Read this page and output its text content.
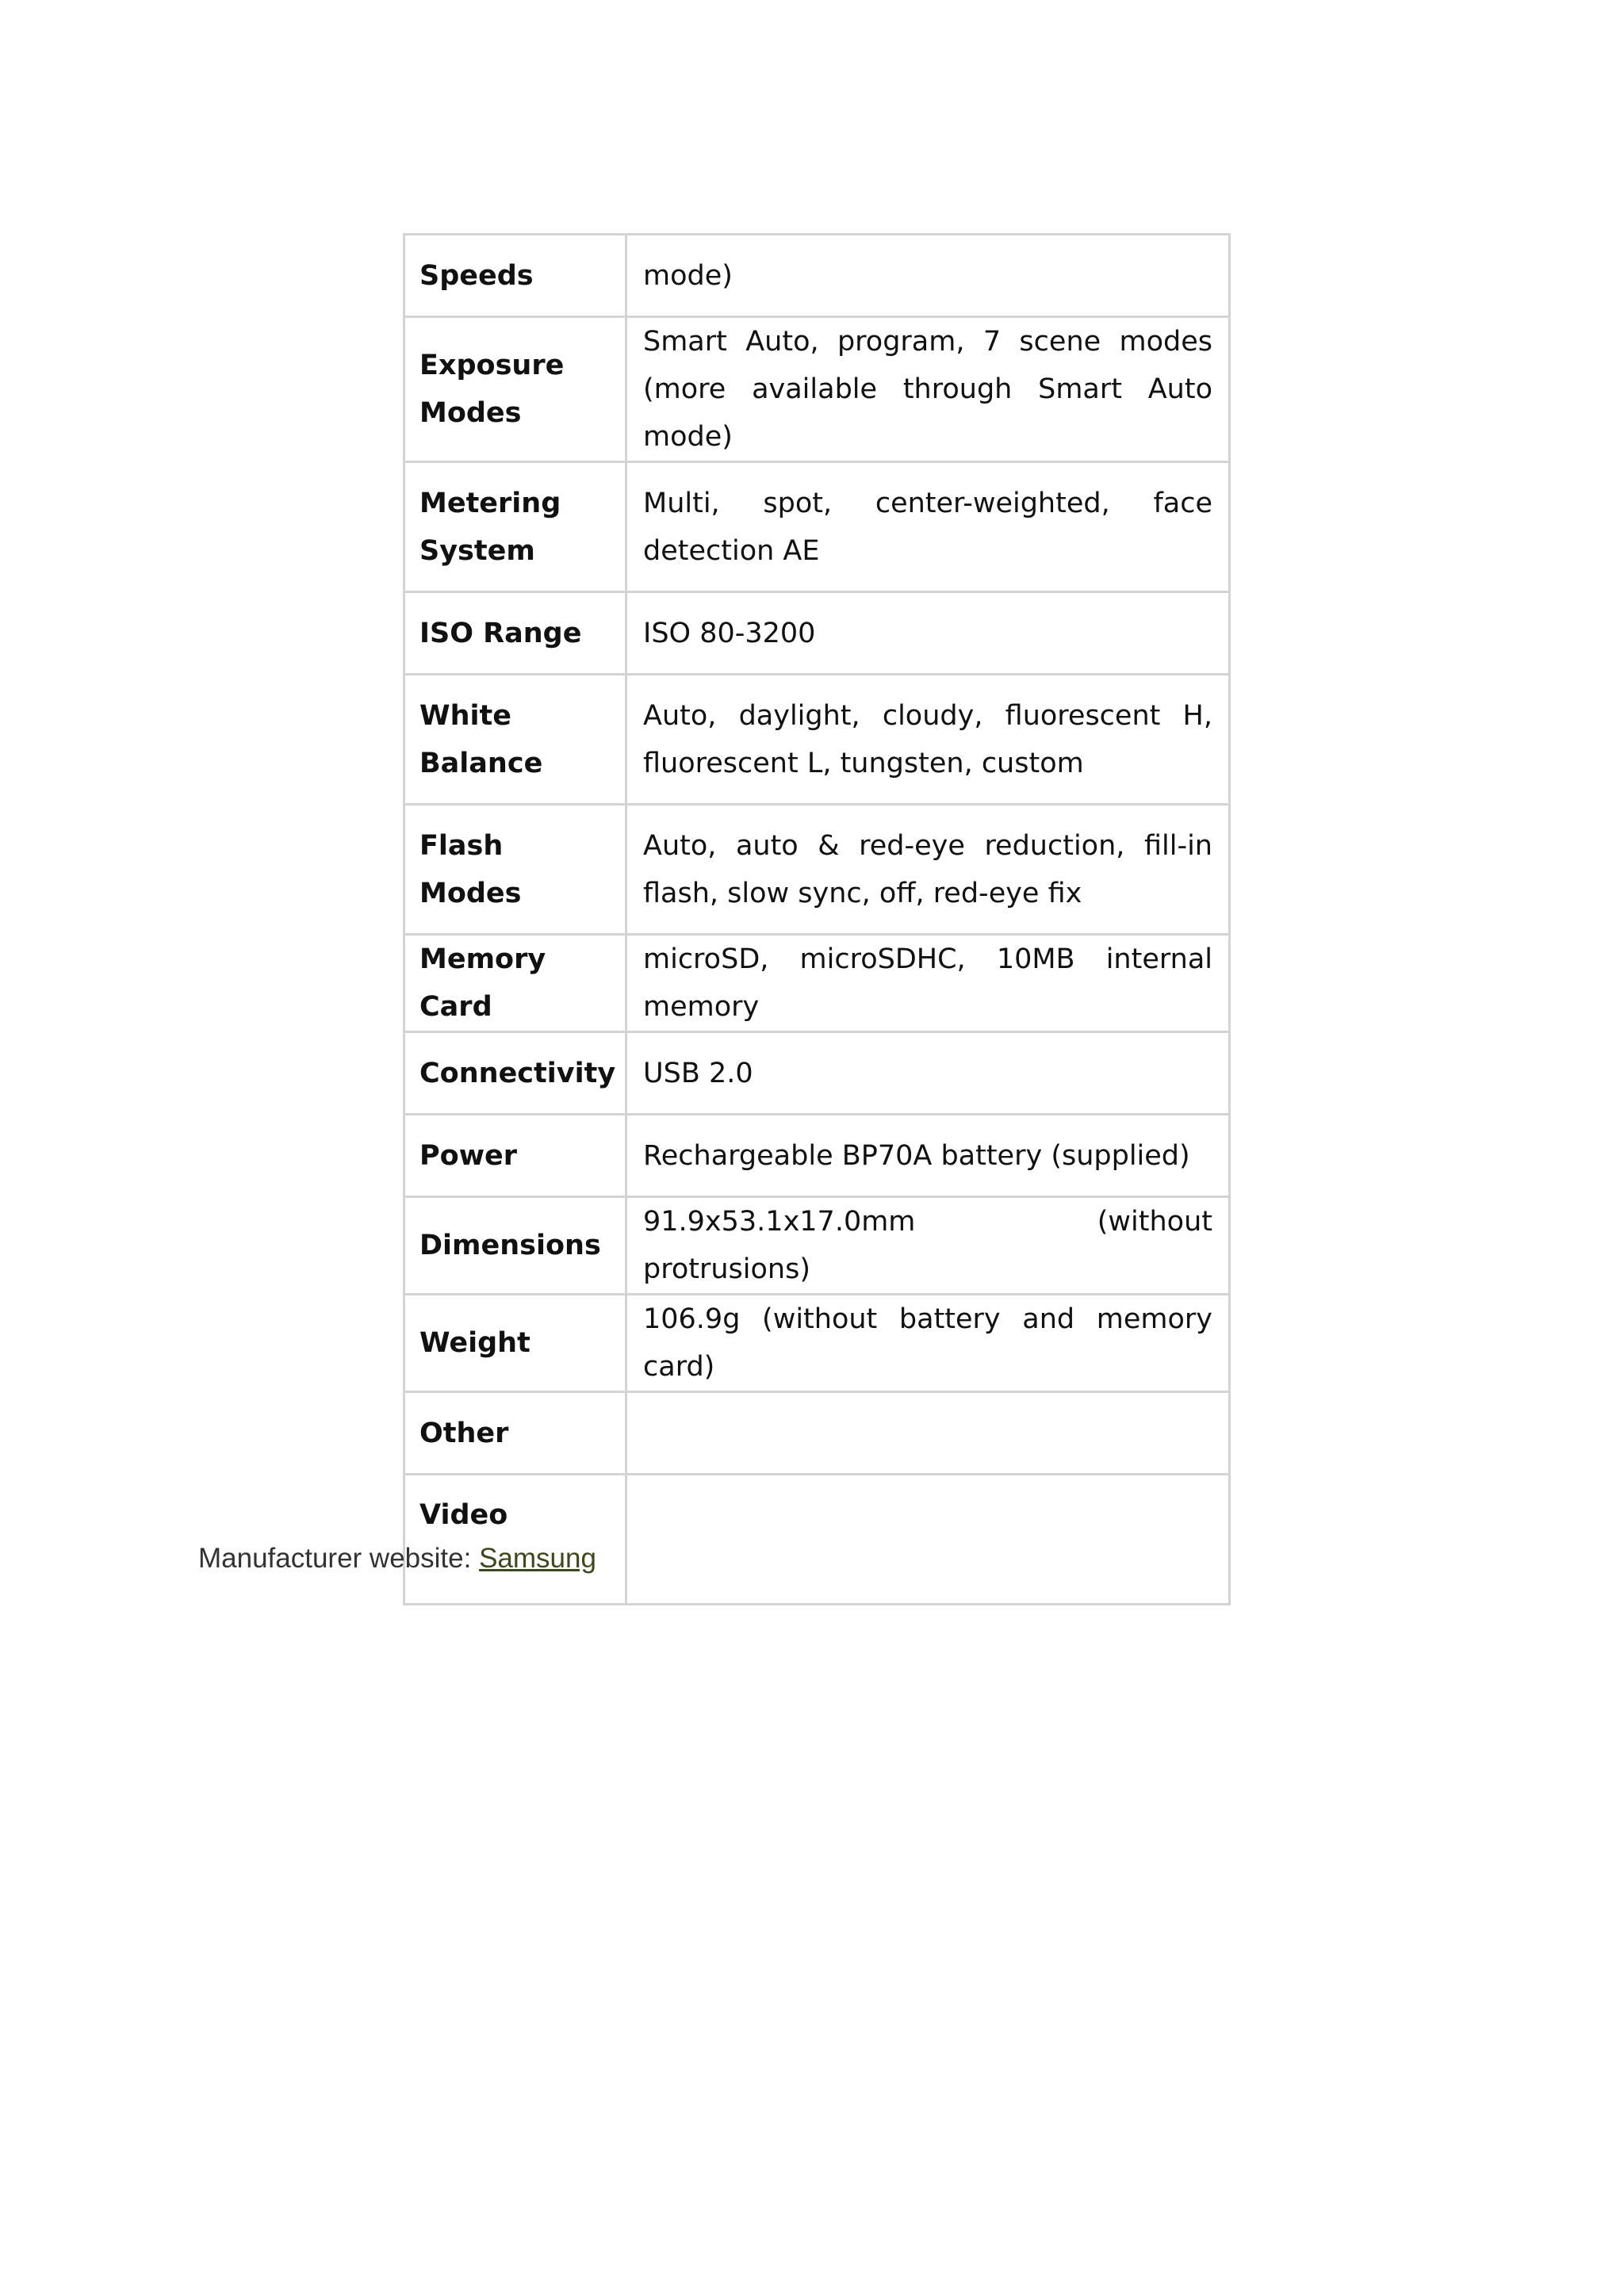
Speeds	mode)
Exposure Modes	Smart Auto, program, 7 scene modes (more available through Smart Auto mode)
Metering System	Multi, spot, center-weighted, face detection AE
ISO Range	ISO 80-3200
White Balance	Auto, daylight, cloudy, fluorescent H, fluorescent L, tungsten, custom
Flash Modes	Auto, auto & red-eye reduction, fill-in flash, slow sync, off, red-eye fix
Memory Card	microSD, microSDHC, 10MB internal memory
Connectivity	USB 2.0
Power	Rechargeable BP70A battery (supplied)
Dimensions	91.9x53.1x17.0mm (without protrusions)
Weight	106.9g (without battery and memory card)
Other	
Video	
Manufacturer website: Samsung
